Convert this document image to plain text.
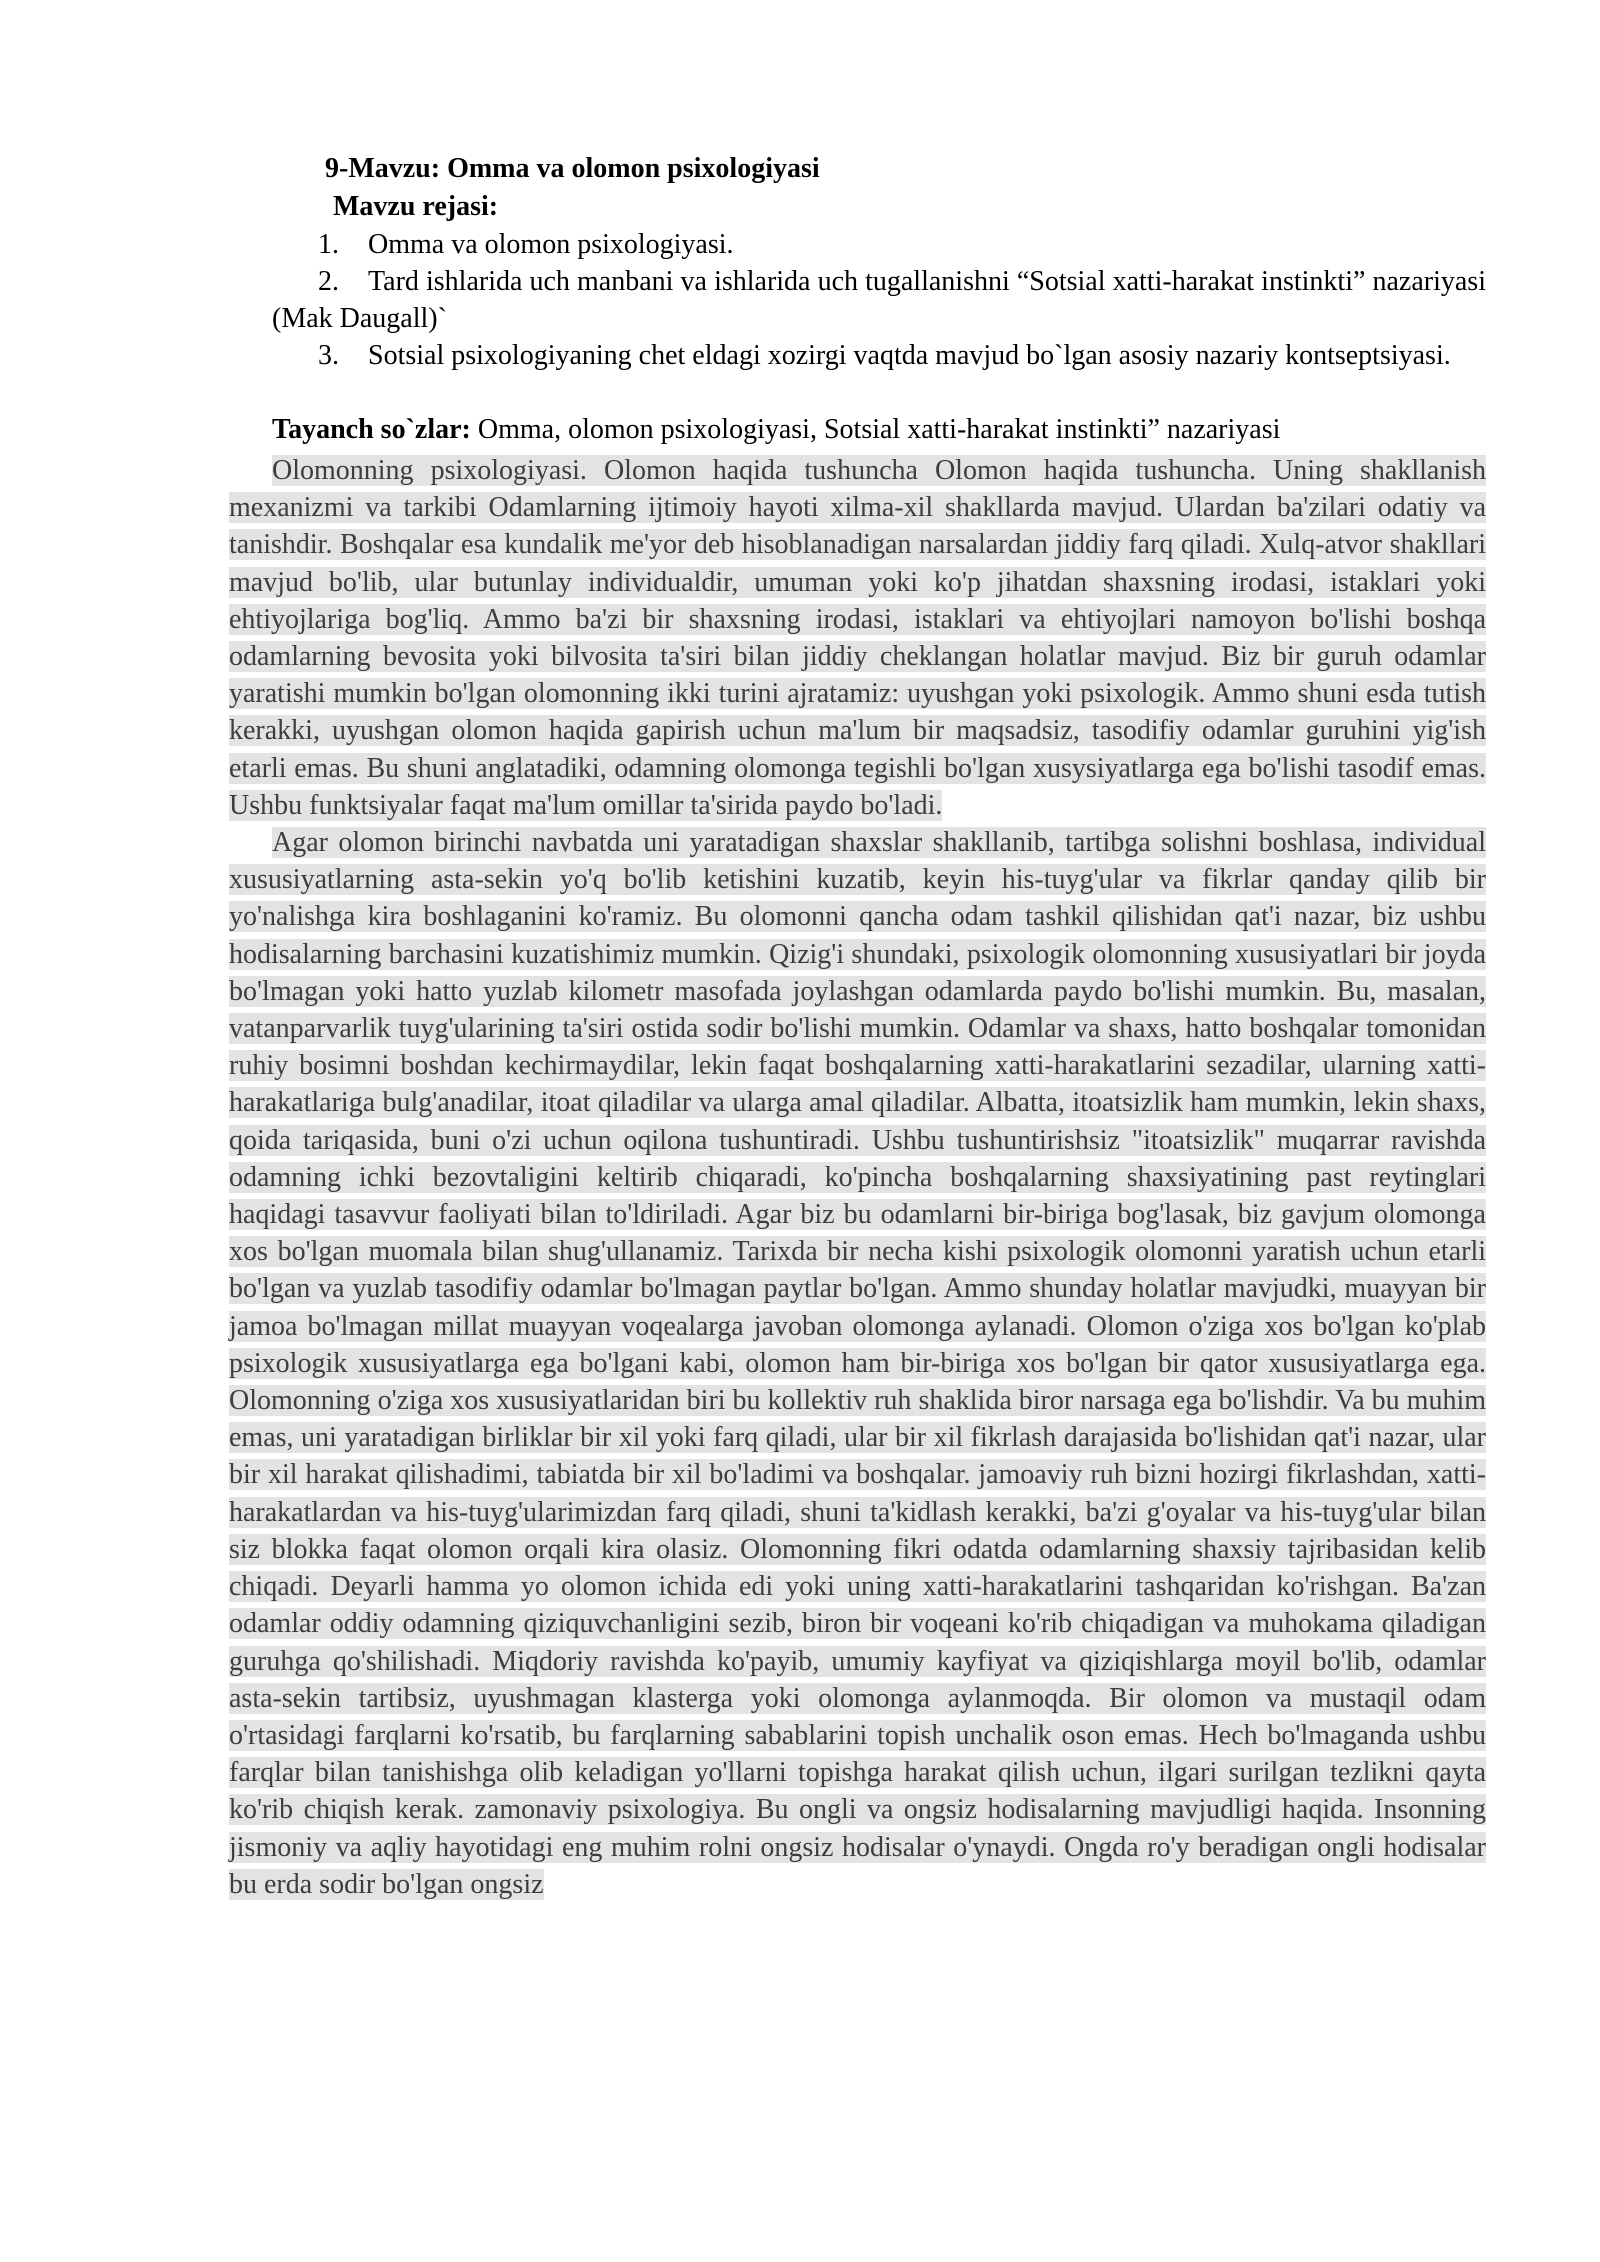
9-Mavzu: Omma va olomon psixologiyasi
Mavzu rejasi:
1. Omma va olomon psixologiyasi.
2. Tard ishlarida uch manbani va ishlarida uch tugallanishni “Sotsial xatti-harakat instinkti” nazariyasi (Mak Daugall)`
3. Sotsial psixologiyaning chet eldagi xozirgi vaqtda mavjud bo`lgan asosiy nazariy kontseptsiyasi.
Tayanch so`zlar: Omma, olomon psixologiyasi, Sotsial xatti-harakat instinkti” nazariyasi

Olomonning psixologiyasi. Olomon haqida tushuncha Olomon haqida tushuncha. Uning shakllanish mexanizmi va tarkibi Odamlarning ijtimoiy hayoti xilma-xil shakllarda mavjud. Ulardan ba'zilari odatiy va tanishdir. Boshqalar esa kundalik me'yor deb hisoblanadigan narsalardan jiddiy farq qiladi. Xulq-atvor shakllari mavjud bo'lib, ular butunlay individualdir, umuman yoki ko'p jihatdan shaxsning irodasi, istaklari yoki ehtiyojlariga bog'liq. Ammo ba'zi bir shaxsning irodasi, istaklari va ehtiyojlari namoyon bo'lishi boshqa odamlarning bevosita yoki bilvosita ta'siri bilan jiddiy cheklangan holatlar mavjud. Biz bir guruh odamlar yaratishi mumkin bo'lgan olomonning ikki turini ajratamiz: uyushgan yoki psixologik. Ammo shuni esda tutish kerakki, uyushgan olomon haqida gapirish uchun ma'lum bir maqsadsiz, tasodifiy odamlar guruhini yig'ish etarli emas. Bu shuni anglatadiki, odamning olomonga tegishli bo'lgan xusysiyatlarga ega bo'lishi tasodif emas. Ushbu funktsiyalar faqat ma'lum omillar ta'sirida paydo bo'ladi.

Agar olomon birinchi navbatda uni yaratadigan shaxslar shakllanib, tartibga solishni boshlasa, individual xususiyatlarning asta-sekin yo'q bo'lib ketishini kuzatib, keyin his-tuyg'ular va fikrlar qanday qilib bir yo'nalishga kira boshlaganini ko'ramiz. Bu olomonni qancha odam tashkil qilishidan qat'i nazar, biz ushbu hodisalarning barchasini kuzatishimiz mumkin. Qizig'i shundaki, psixologik olomonning xususiyatlari bir joyda bo'lmagan yoki hatto yuzlab kilometr masofada joylashgan odamlarda paydo bo'lishi mumkin. Bu, masalan, vatanparvarlik tuyg'ularining ta'siri ostida sodir bo'lishi mumkin. Odamlar va shaxs, hatto boshqalar tomonidan ruhiy bosimni boshdan kechirmaydilar, lekin faqat boshqalarning xatti-harakatlarini sezadilar, ularning xatti-harakatlariga bulg'anadilar, itoat qiladilar va ularga amal qiladilar. Albatta, itoatsizlik ham mumkin, lekin shaxs, qoida tariqasida, buni o'zi uchun oqilona tushuntiradi. Ushbu tushuntirishsiz "itoatsizlik" muqarrar ravishda odamning ichki bezovtaligini keltirib chiqaradi, ko'pincha boshqalarning shaxsiyatining past reytinglari haqidagi tasavvur faoliyati bilan to'ldiriladi. Agar biz bu odamlarni bir-biriga bog'lasak, biz gavjum olomonga xos bo'lgan muomala bilan shug'ullanamiz. Tarixda bir necha kishi psixologik olomonni yaratish uchun etarli bo'lgan va yuzlab tasodifiy odamlar bo'lmagan paytlar bo'lgan. Ammo shunday holatlar mavjudki, muayyan bir jamoa bo'lmagan millat muayyan voqealarga javoban olomonga aylanadi. Olomon o'ziga xos bo'lgan ko'plab psixologik xususiyatlarga ega bo'lgani kabi, olomon ham bir-biriga xos bo'lgan bir qator xususiyatlarga ega. Olomonning o'ziga xos xususiyatlaridan biri bu kollektiv ruh shaklida biror narsaga ega bo'lishdir. Va bu muhim emas, uni yaratadigan birliklar bir xil yoki farq qiladi, ular bir xil fikrlash darajasida bo'lishidan qat'i nazar, ular bir xil harakat qilishadimi, tabiatda bir xil bo'ladimi va boshqalar. jamoaviy ruh bizni hozirgi fikrlashdan, xatti-harakatlardan va his-tuyg'ularimizdan farq qiladi, shuni ta'kidlash kerakki, ba'zi g'oyalar va his-tuyg'ular bilan siz blokka faqat olomon orqali kira olasiz. Olomonning fikri odatda odamlarning shaxsiy tajribasidan kelib chiqadi. Deyarli hamma yo olomon ichida edi yoki uning xatti-harakatlarini tashqaridan ko'rishgan. Ba'zan odamlar oddiy odamning qiziquvchanligini sezib, biron bir voqeani ko'rib chiqadigan va muhokama qiladigan guruhga qo'shilishadi. Miqdoriy ravishda ko'payib, umumiy kayfiyat va qiziqishlarga moyil bo'lib, odamlar asta-sekin tartibsiz, uyushmagan klasterga yoki olomonga aylanmoqda. Bir olomon va mustaqil odam o'rtasidagi farqlarni ko'rsatib, bu farqlarning sabablarini topish unchalik oson emas. Hech bo'lmaganda ushbu farqlar bilan tanishishga olib keladigan yo'llarni topishga harakat qilish uchun, ilgari surilgan tezlikni qayta ko'rib chiqish kerak. zamonaviy psixologiya. Bu ongli va ongsiz hodisalarning mavjudligi haqida. Insonning jismoniy va aqliy hayotidagi eng muhim rolni ongsiz hodisalar o'ynaydi. Ongda ro'y beradigan ongli hodisalar bu erda sodir bo'lgan ongsiz
